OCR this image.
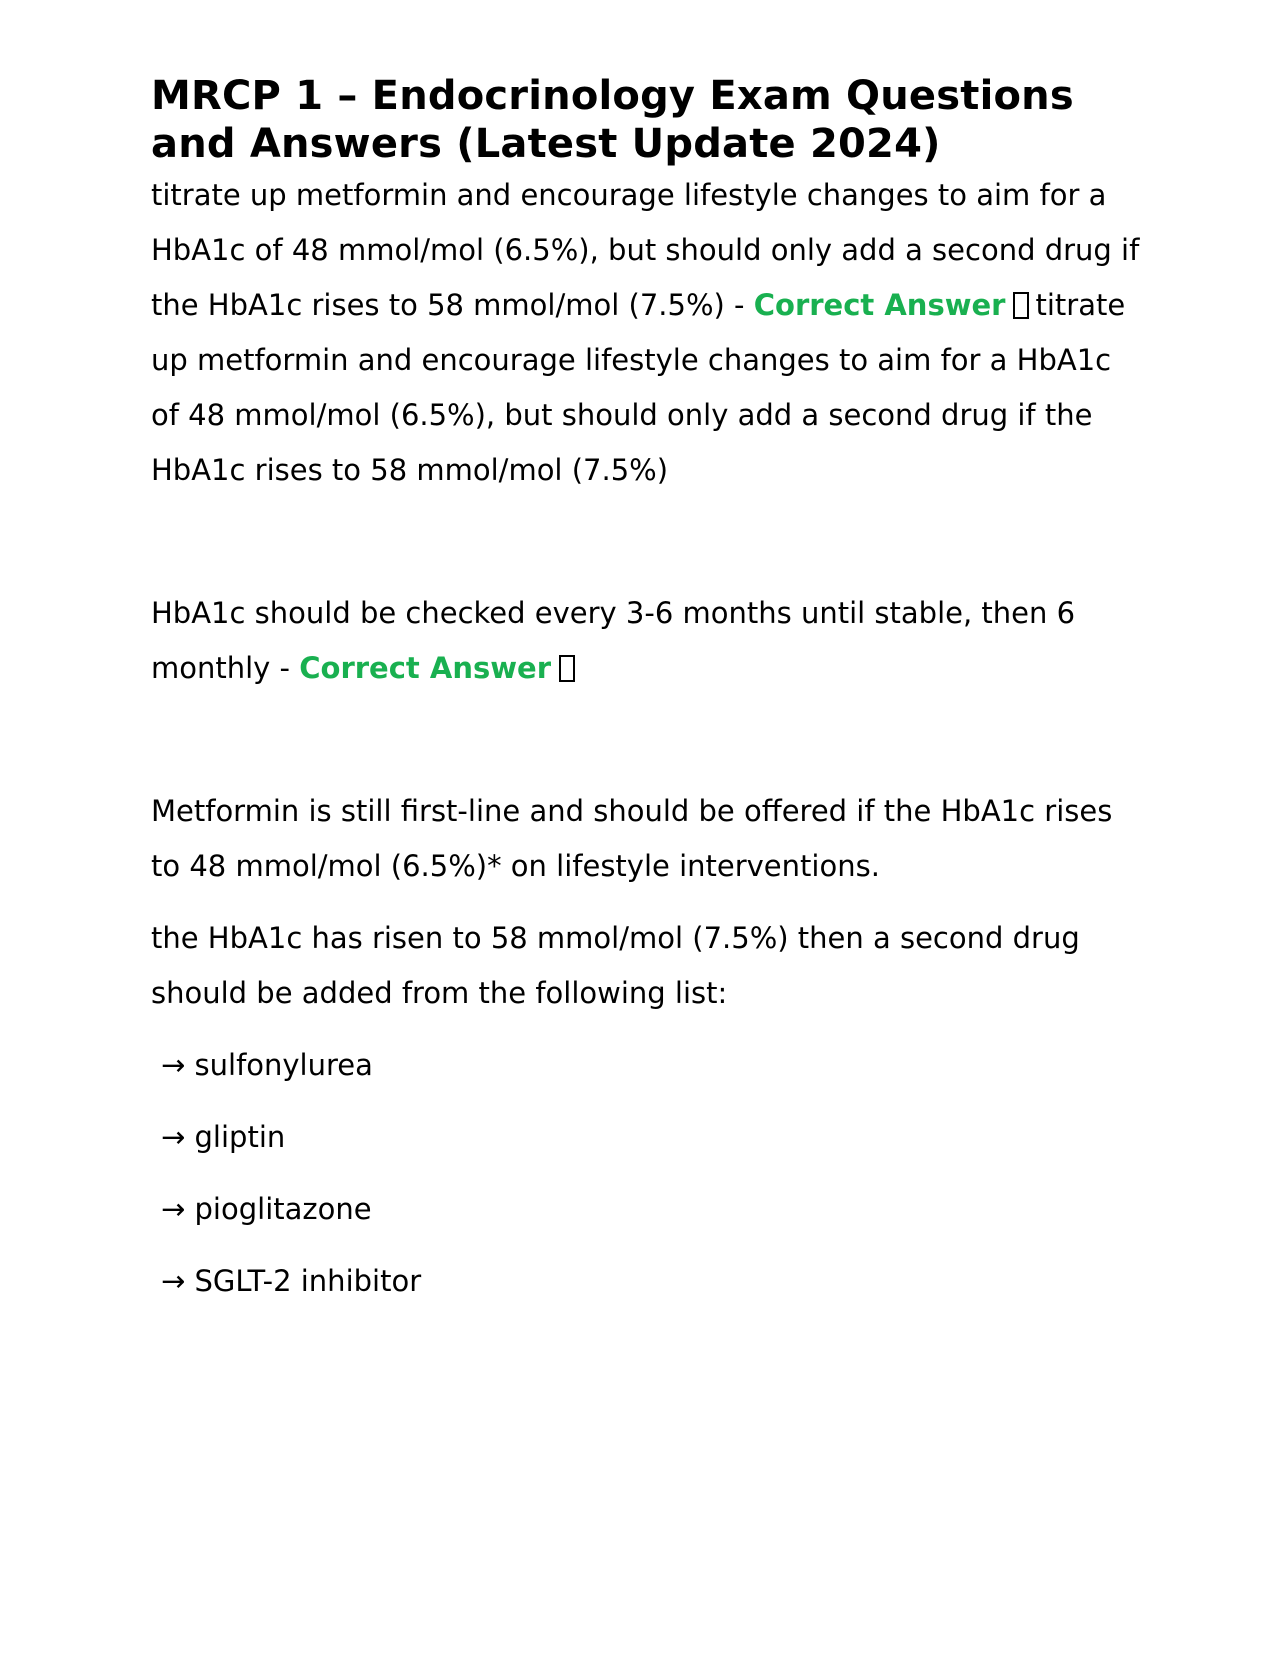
MRCP 1 – Endocrinology Exam Questions and Answers (Latest Update 2024)

titrate up metformin and encourage lifestyle changes to aim for a HbA1c of 48 mmol/mol (6.5%), but should only add a second drug if the HbA1c rises to 58 mmol/mol (7.5%) - Correct Answer titrate up metformin and encourage lifestyle changes to aim for a HbA1c of 48 mmol/mol (6.5%), but should only add a second drug if the HbA1c rises to 58 mmol/mol (7.5%)

HbA1c should be checked every 3-6 months until stable, then 6 monthly - Correct Answer

Metformin is still first-line and should be offered if the HbA1c rises to 48 mmol/mol (6.5%)* on lifestyle interventions.

the HbA1c has risen to 58 mmol/mol (7.5%) then a second drug should be added from the following list:

→ sulfonylurea
→ gliptin
→ pioglitazone
→ SGLT-2 inhibitor
